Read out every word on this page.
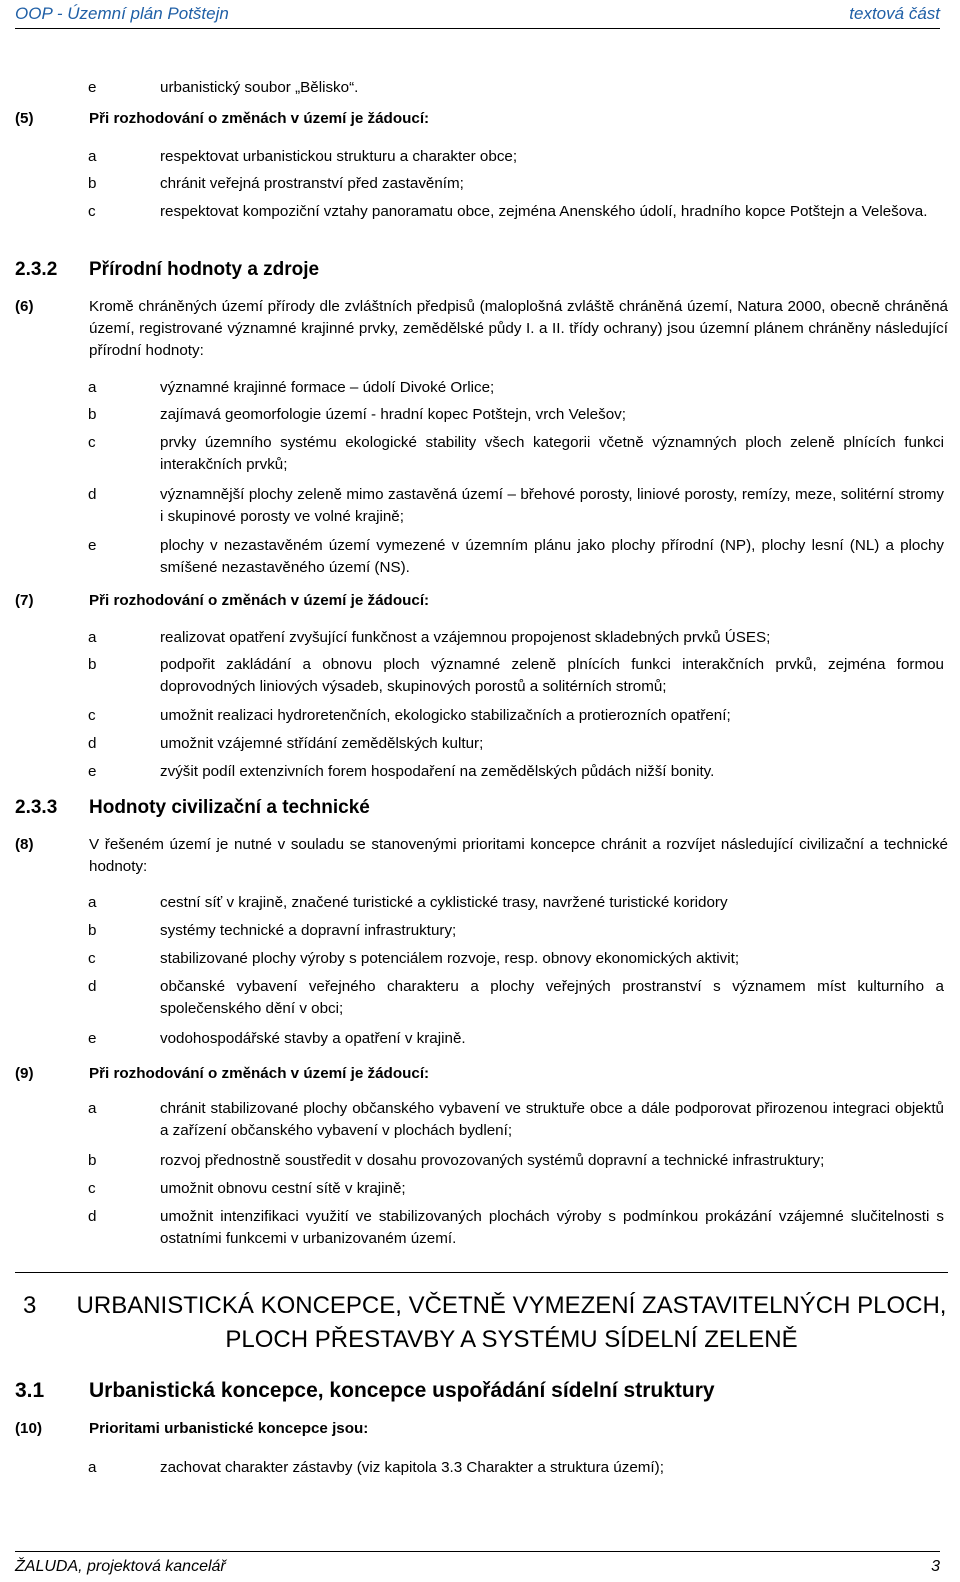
OOP - Územní plán Potštejn	textová část
e	urbanistický soubor „Bělisko“.
(5)	Při rozhodování o změnách v území je žádoucí:
a	respektovat urbanistickou strukturu a charakter obce;
b	chránit veřejná prostranství před zastavěním;
c	respektovat kompoziční vztahy panoramatu obce, zejména Anenského údolí, hradního kopce Potštejn a Velešova.
2.3.2 Přírodní hodnoty a zdroje
(6)	Kromě chráněných území přírody dle zvláštních předpisů (maloplošná zvláště chráněná území, Natura 2000, obecně chráněná území, registrované významné krajinné prvky, zemědělské půdy I. a II. třídy ochrany) jsou územní plánem chráněny následující přírodní hodnoty:
a	významné krajinné formace – údolí Divoké Orlice;
b	zajímavá geomorfologie území - hradní kopec Potštejn, vrch Velešov;
c	prvky územního systému ekologické stability všech kategorii včetně významných ploch zeleně plnících funkci interakčních prvků;
d	významnější plochy zeleně mimo zastavěná území – břehové porosty, liniové porosty, remízy, meze, solitérní stromy i skupinové porosty ve volné krajině;
e	plochy v nezastavěném území vymezené v územním plánu jako plochy přírodní (NP), plochy lesní (NL) a plochy smíšené nezastavěného území (NS).
(7)	Při rozhodování o změnách v území je žádoucí:
a	realizovat opatření zvyšující funkčnost a vzájemnou propojenost skladebných prvků ÚSES;
b	podpořit zakládání a obnovu ploch významné zeleně plnících funkci interakčních prvků, zejména formou doprovodných liniových výsadeb, skupinových porostů a solitérních stromů;
c	umožnit realizaci hydroretenčních, ekologicko stabilizačních a protierozních opatření;
d	umožnit vzájemné střídání zemědělských kultur;
e	zvýšit podíl extenzivních forem hospodaření na zemědělských půdách nižší bonity.
2.3.3 Hodnoty civilizační a technické
(8)	V řešeném území je nutné v souladu se stanovenými prioritami koncepce chránit a rozvíjet následující civilizační a technické hodnoty:
a	cestní síť v krajině, značené turistické a cyklistické trasy, navržené turistické koridory
b	systémy technické a dopravní infrastruktury;
c	stabilizované plochy výroby s potenciálem rozvoje, resp. obnovy ekonomických aktivit;
d	občanské vybavení veřejného charakteru a plochy veřejných prostranství s významem míst kulturního a společenského dění v obci;
e	vodohospodářské stavby a opatření v krajině.
(9)	Při rozhodování o změnách v území je žádoucí:
a	chránit stabilizované plochy občanského vybavení ve struktuře obce a dále podporovat přirozenou integraci objektů a zařízení občanského vybavení v plochách bydlení;
b	rozvoj přednostně soustředit v dosahu provozovaných systémů dopravní a technické infrastruktury;
c	umožnit obnovu cestní sítě v krajině;
d	umožnit intenzifikaci využití ve stabilizovaných plochách výroby s podmínkou prokázání vzájemné slučitelnosti s ostatními funkcemi v urbanizovaném území.
3 URBANISTICKÁ KONCEPCE, VČETNĚ VYMEZENÍ ZASTAVITELNÝCH PLOCH, PLOCH PŘESTAVBY A SYSTÉMU SÍDELNÍ ZELENĚ
3.1 Urbanistická koncepce, koncepce uspořádání sídelní struktury
(10)	Prioritami urbanistické koncepce jsou:
a	zachovat charakter zástavby (viz kapitola 3.3 Charakter a struktura území);
ŽALUDA, projektová kancelář	3
